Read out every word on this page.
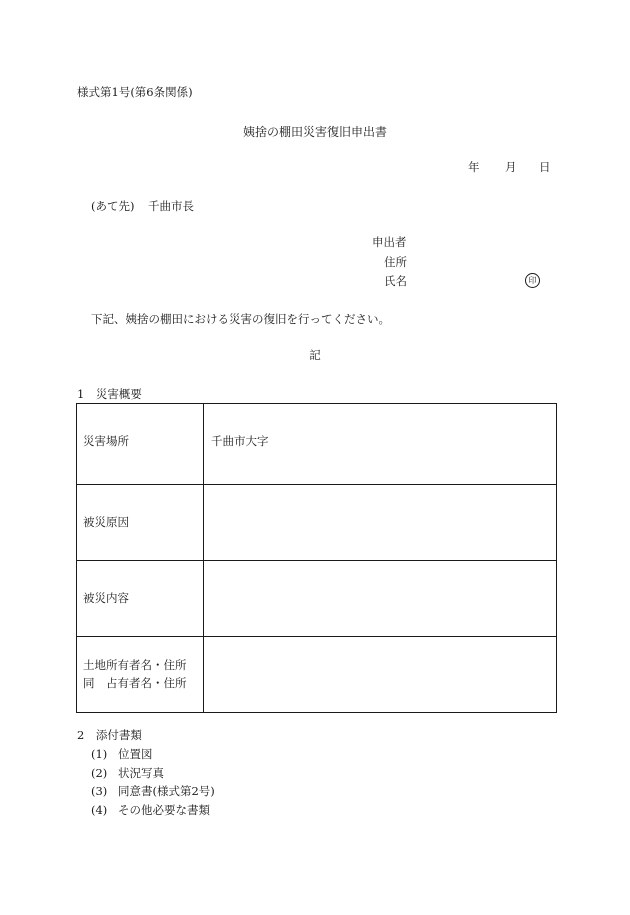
様式第1号(第6条関係)
姨捨の棚田災害復旧申出書
年 月 日
(あて先) 千曲市長
申出者
住所
氏名	印
下記、姨捨の棚田における災害の復旧を行ってください。
記
1　災害概要
災害場所	千曲市大字

被災原因	

被災内容	

土地所有者名・住所
同　占有者名・住所	

2　添付書類
(1) 位置図
(2) 状況写真
(3) 同意書(様式第2号)
(4) その他必要な書類
